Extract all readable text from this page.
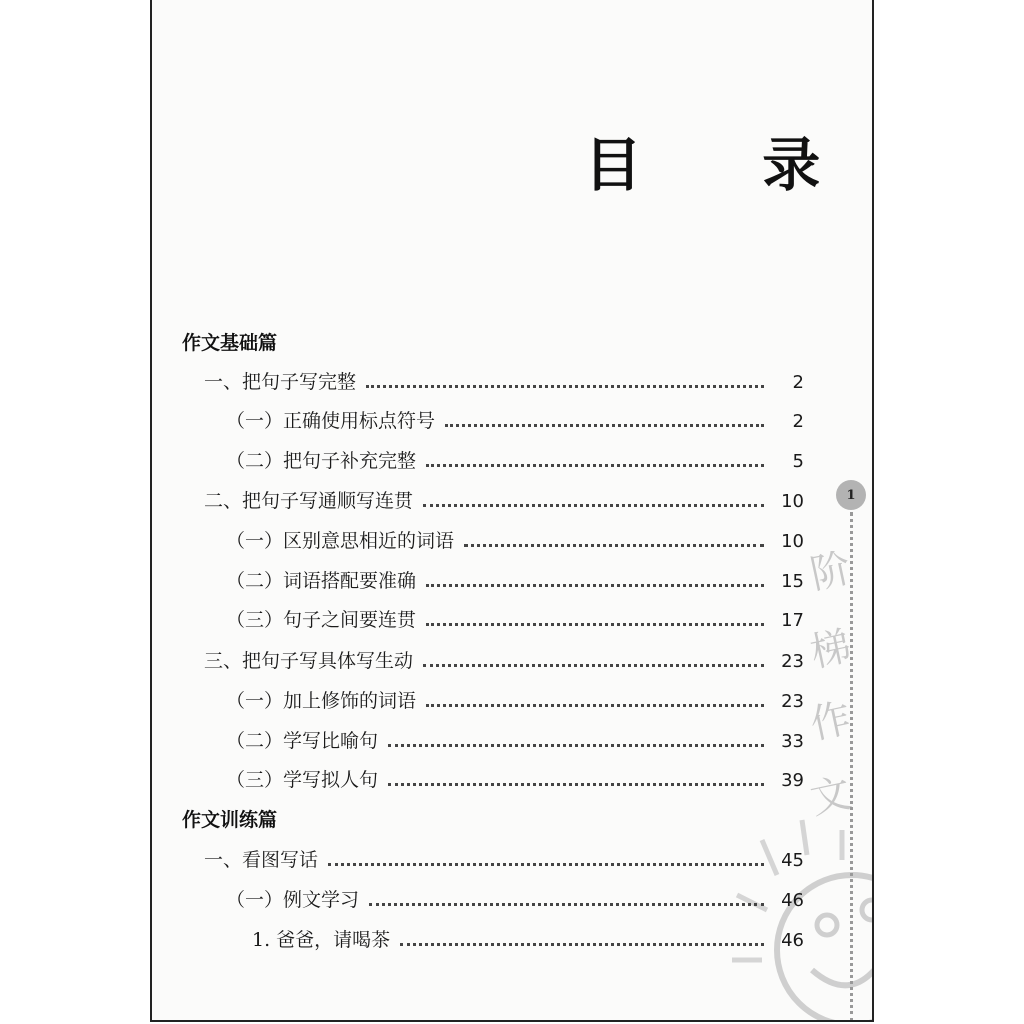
阶
梯
作
文
1
目 录
作文基础篇
一、把句子写完整	2
（一）正确使用标点符号	2
（二）把句子补充完整	5
二、把句子写通顺写连贯	10
（一）区别意思相近的词语	10
（二）词语搭配要准确	15
（三）句子之间要连贯	17
三、把句子写具体写生动	23
（一）加上修饰的词语	23
（二）学写比喻句	33
（三）学写拟人句	39
作文训练篇
一、看图写话	45
（一）例文学习	46
1. 爸爸，请喝茶	46
